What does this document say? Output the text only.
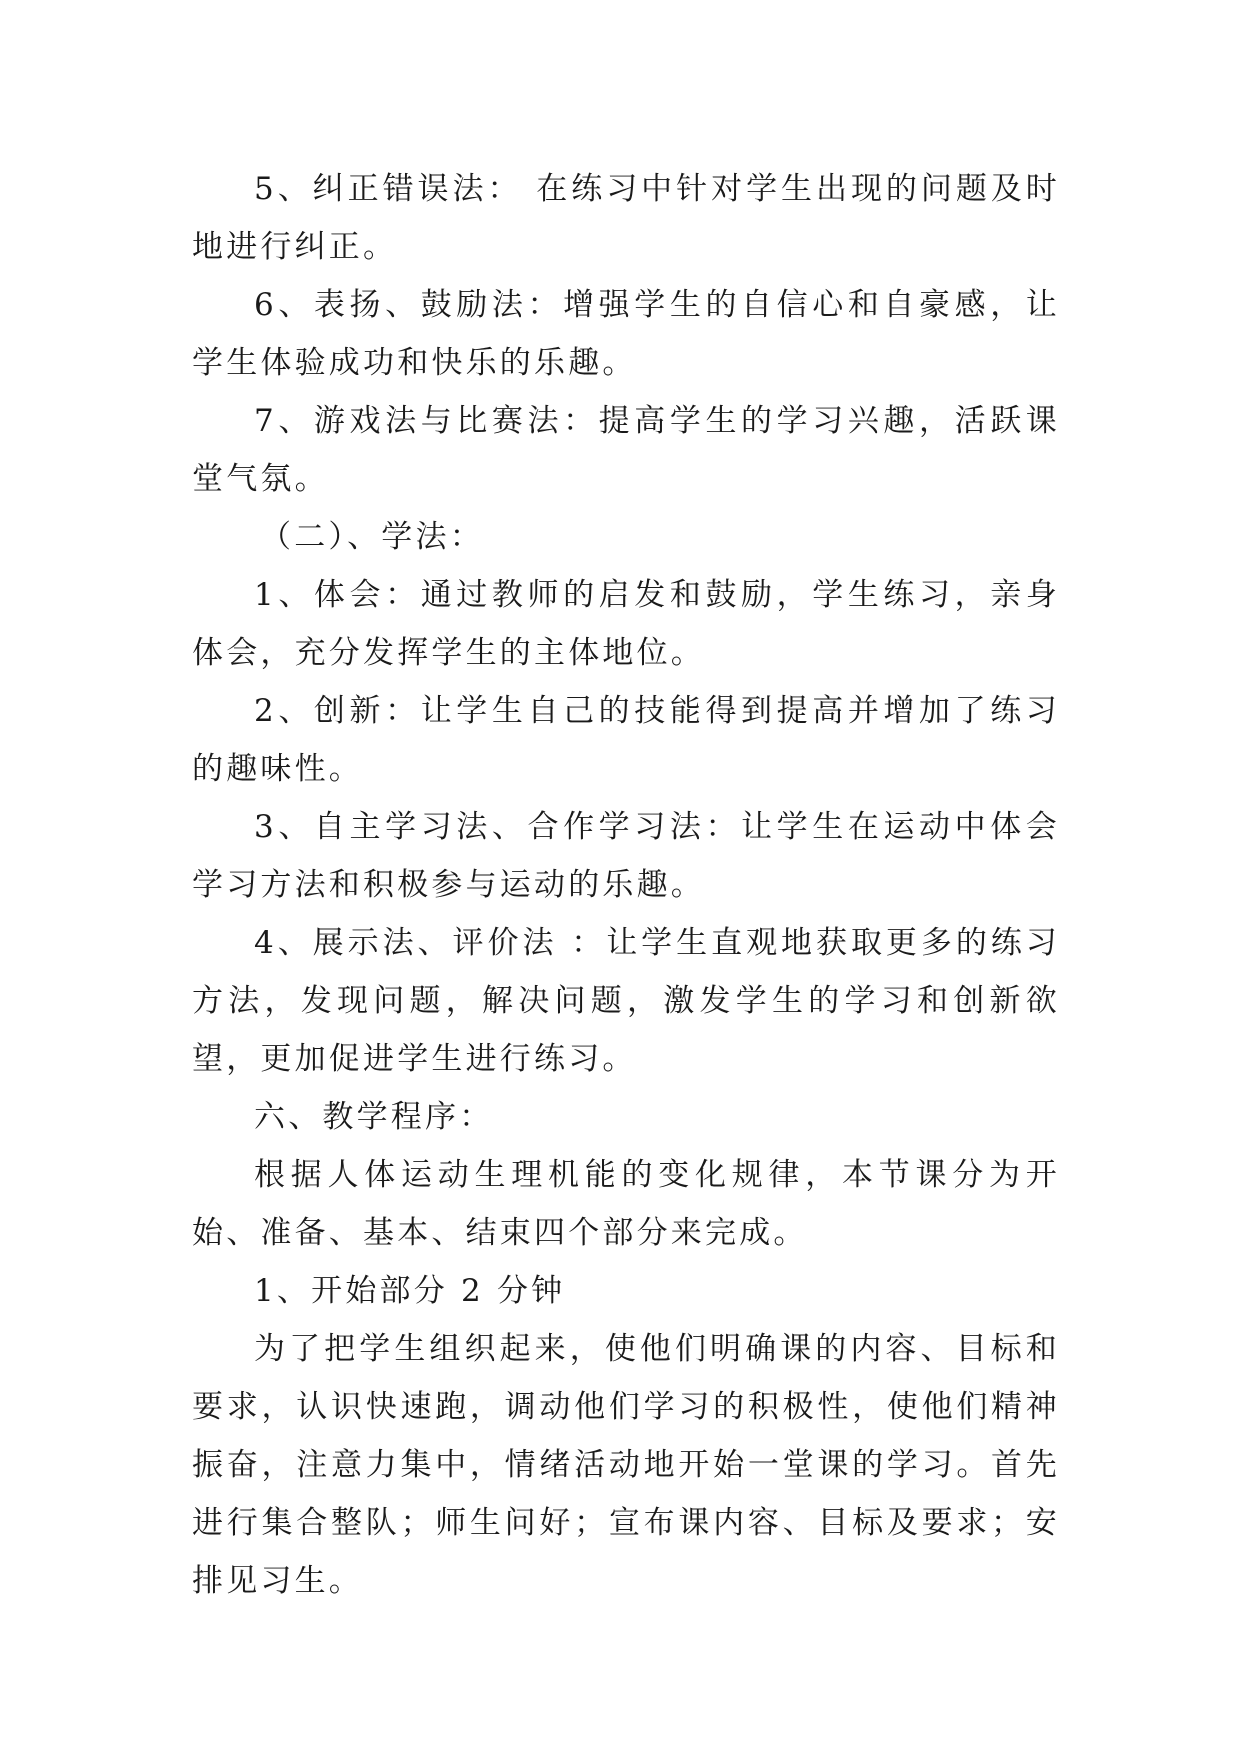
5、纠正错误法： 在练习中针对学生出现的问题及时地进行纠正。

6、表扬、鼓励法：增强学生的自信心和自豪感，让学生体验成功和快乐的乐趣。

7、游戏法与比赛法：提高学生的学习兴趣，活跃课堂气氛。

（二）、学法：

1、体会：通过教师的启发和鼓励，学生练习，亲身体会，充分发挥学生的主体地位。

2、创新：让学生自己的技能得到提高并增加了练习的趣味性。

3、自主学习法、合作学习法：让学生在运动中体会学习方法和积极参与运动的乐趣。

4、展示法、评价法 ：让学生直观地获取更多的练习方法，发现问题，解决问题，激发学生的学习和创新欲望，更加促进学生进行练习。

六、教学程序：

根据人体运动生理机能的变化规律，本节课分为开始、准备、基本、结束四个部分来完成。

1、开始部分 2 分钟

为了把学生组织起来，使他们明确课的内容、目标和要求，认识快速跑，调动他们学习的积极性，使他们精神振奋，注意力集中，情绪活动地开始一堂课的学习。首先进行集合整队；师生问好；宣布课内容、目标及要求；安排见习生。
